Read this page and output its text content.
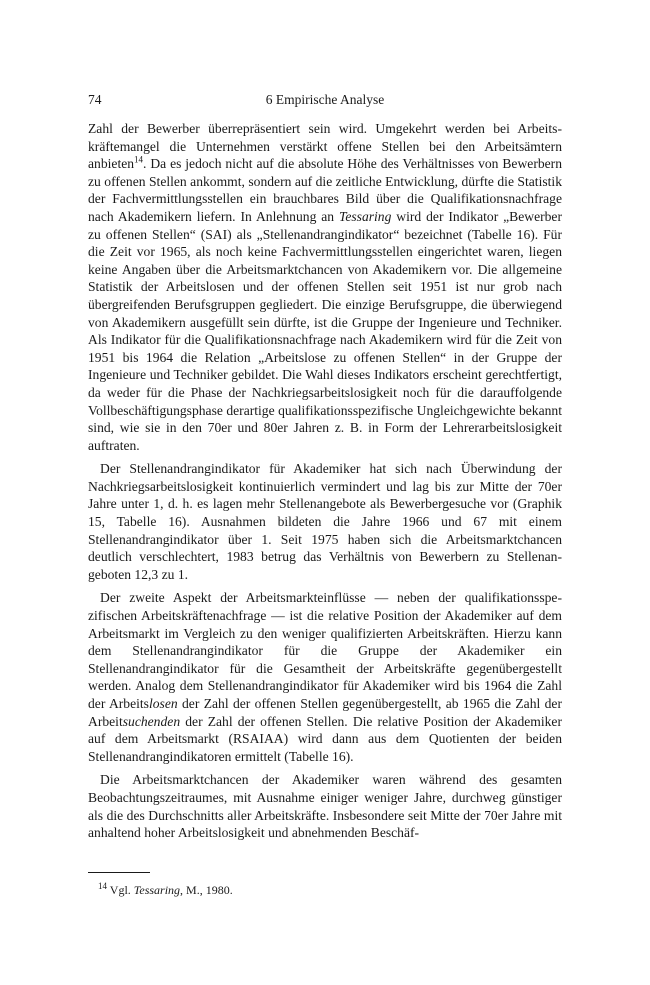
74	6 Empirische Analyse

Zahl der Bewerber überrepräsentiert sein wird. Umgekehrt werden bei Arbeitskräftemangel die Unternehmen verstärkt offene Stellen bei den Arbeitsämtern anbieten$^{14}$. Da es jedoch nicht auf die absolute Höhe des Verhältnisses von Bewerbern zu offenen Stellen ankommt, sondern auf die zeitliche Entwicklung, dürfte die Statistik der Fachvermittlungsstellen ein brauchbares Bild über die Qualifikationsnachfrage nach Akademikern liefern. In Anlehnung an Tessaring wird der Indikator „Bewerber zu offenen Stellen“ (SAI) als „Stellenandrangindikator“ bezeichnet (Tabelle 16). Für die Zeit vor 1965, als noch keine Fachvermittlungsstellen eingerichtet waren, liegen keine Angaben über die Arbeitsmarktchancen von Akademikern vor. Die allgemeine Statistik der Arbeitslosen und der offenen Stellen seit 1951 ist nur grob nach übergreifenden Berufsgruppen gegliedert. Die einzige Berufsgruppe, die überwiegend von Akademikern ausgefüllt sein dürfte, ist die Gruppe der Ingenieure und Techniker. Als Indikator für die Qualifikationsnachfrage nach Akademikern wird für die Zeit von 1951 bis 1964 die Relation „Arbeitslose zu offenen Stellen“ in der Gruppe der Ingenieure und Techniker gebildet. Die Wahl dieses Indikators erscheint gerechtfertigt, da weder für die Phase der Nachkriegsarbeitslosigkeit noch für die darauffolgende Vollbeschäftigungsphase derartige qualifikationsspezifische Ungleichgewichte bekannt sind, wie sie in den 70er und 80er Jahren z. B. in Form der Lehrerarbeitslosigkeit auftraten.

Der Stellenandrangindikator für Akademiker hat sich nach Überwindung der Nachkriegsarbeitslosigkeit kontinuierlich vermindert und lag bis zur Mitte der 70er Jahre unter 1, d. h. es lagen mehr Stellenangebote als Bewerbergesuche vor (Graphik 15, Tabelle 16). Ausnahmen bildeten die Jahre 1966 und 67 mit einem Stellenandrangindikator über 1. Seit 1975 haben sich die Arbeitsmarktchancen deutlich verschlechtert, 1983 betrug das Verhältnis von Bewerbern zu Stellenangeboten 12,3 zu 1.

Der zweite Aspekt der Arbeitsmarkteinflüsse — neben der qualifikationsspezifischen Arbeitskräftenachfrage — ist die relative Position der Akademiker auf dem Arbeitsmarkt im Vergleich zu den weniger qualifizierten Arbeitskräften. Hierzu kann dem Stellenandrangindikator für die Gruppe der Akademiker ein Stellenandrangindikator für die Gesamtheit der Arbeitskräfte gegenübergestellt werden. Analog dem Stellenandrangindikator für Akademiker wird bis 1964 die Zahl der Arbeitslosen der Zahl der offenen Stellen gegenübergestellt, ab 1965 die Zahl der Arbeitsuchenden der Zahl der offenen Stellen. Die relative Position der Akademiker auf dem Arbeitsmarkt (RSAIAA) wird dann aus dem Quotienten der beiden Stellenandrangindikatoren ermittelt (Tabelle 16).

Die Arbeitsmarktchancen der Akademiker waren während des gesamten Beobachtungszeitraumes, mit Ausnahme einiger weniger Jahre, durchweg günstiger als die des Durchschnitts aller Arbeitskräfte. Insbesondere seit Mitte der 70er Jahre mit anhaltend hoher Arbeitslosigkeit und abnehmenden Beschäf-

$^{14}$ Vgl. Tessaring, M., 1980.
